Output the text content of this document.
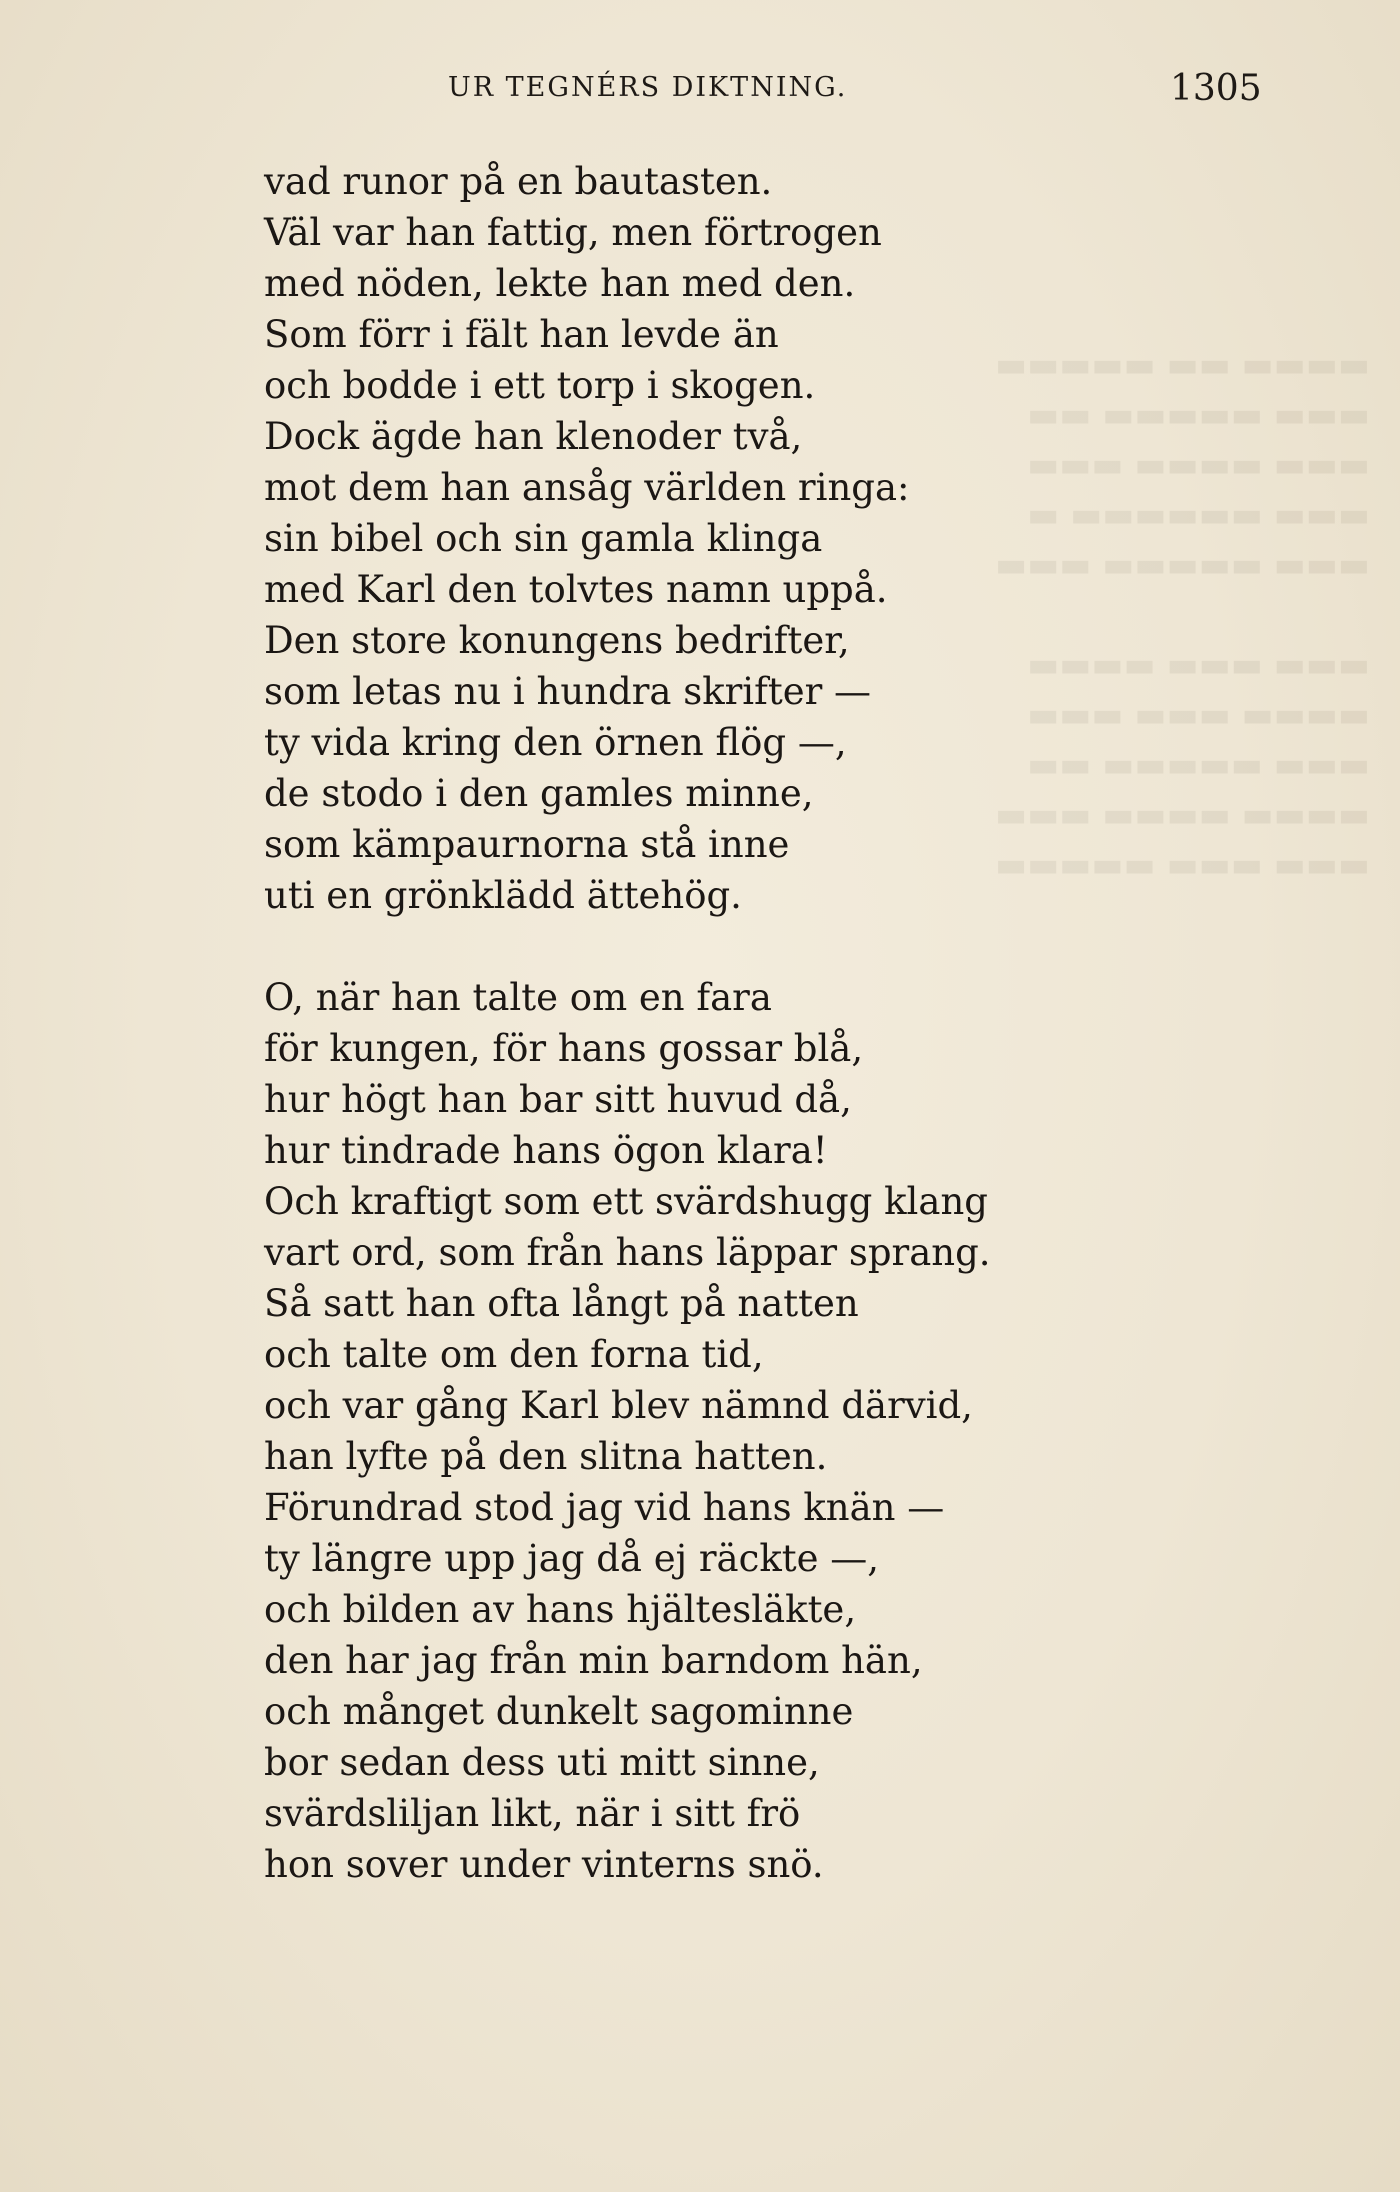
▬▬▬▬ ▬▬ ▬▬▬▬▬
▬▬▬ ▬▬▬▬▬ ▬▬
▬▬▬ ▬▬▬▬ ▬▬▬
▬▬▬ ▬▬▬▬▬▬ ▬
▬▬▬ ▬▬▬▬▬ ▬▬▬

▬▬▬ ▬▬▬ ▬▬▬▬
▬▬▬▬ ▬▬▬ ▬▬▬
▬▬▬ ▬▬▬▬▬ ▬▬
▬▬▬▬ ▬▬▬▬ ▬▬▬
▬▬▬ ▬▬▬ ▬▬▬▬▬
UR TEGNÉRS DIKTNING.	1305
vad runor på en bautasten.
Väl var han fattig, men förtrogen
med nöden, lekte han med den.
Som förr i fält han levde än
och bodde i ett torp i skogen.
Dock ägde han klenoder två,
mot dem han ansåg världen ringa:
sin bibel och sin gamla klinga
med Karl den tolvtes namn uppå.
Den store konungens bedrifter,
som letas nu i hundra skrifter —
ty vida kring den örnen flög —,
de stodo i den gamles minne,
som kämpaurnorna stå inne
uti en grönklädd ättehög.
O, när han talte om en fara
för kungen, för hans gossar blå,
hur högt han bar sitt huvud då,
hur tindrade hans ögon klara!
Och kraftigt som ett svärdshugg klang
vart ord, som från hans läppar sprang.
Så satt han ofta långt på natten
och talte om den forna tid,
och var gång Karl blev nämnd därvid,
han lyfte på den slitna hatten.
Förundrad stod jag vid hans knän —
ty längre upp jag då ej räckte —,
och bilden av hans hjältesläkte,
den har jag från min barndom hän,
och månget dunkelt sagominne
bor sedan dess uti mitt sinne,
svärdsliljan likt, när i sitt frö
hon sover under vinterns snö.
